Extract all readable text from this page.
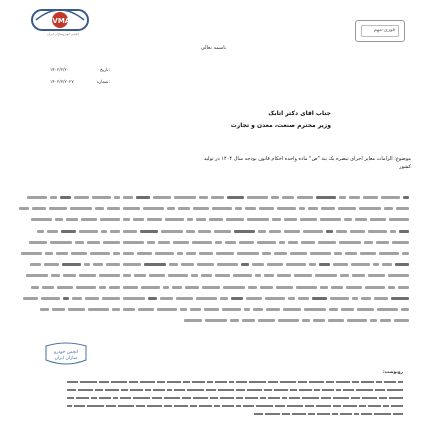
IVMA
انجمن خودروسازان ایران
فوری-مهم
باسمه تعالی
۱۴۰۲/۲/۲۰	تاریخ:
۱۴۰۲/۲/۲۰۲۷	شماره:
جناب آقای دکتر اتابک
وزیر محترم صنعت، معدن و تجارت
موضوع: الزامات مغایر اجرای تبصره یک بند "ض" ماده واحده احکام قانون بودجه سال ۱۴۰۴ در تولید
کشور
انجمن خودرو
سازان ایران
رونوشت:
